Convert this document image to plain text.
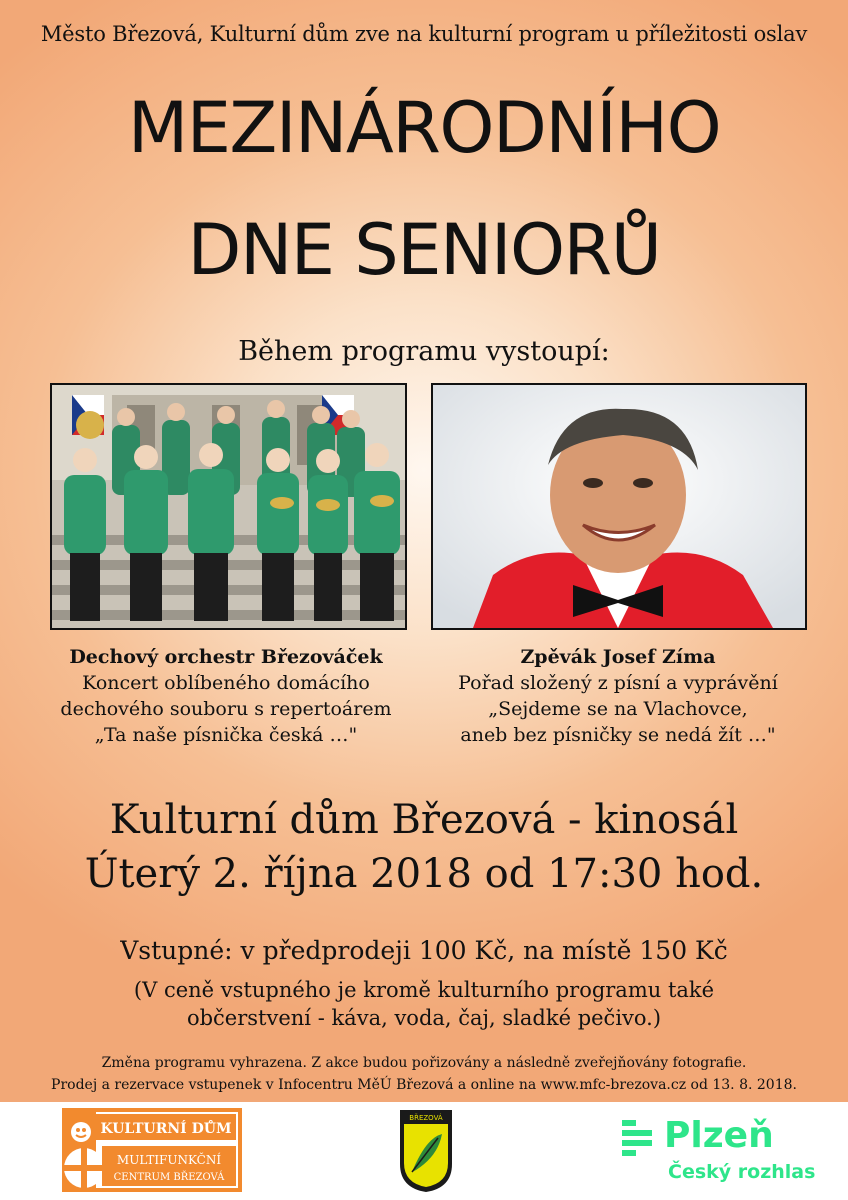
Město Březová, Kulturní dům zve na kulturní program u příležitosti oslav
MEZINÁRODNÍHO
DNE SENIORŮ
Během programu vystoupí:
Dechový orchestr Březováček
Koncert oblíbeného domácího
dechového souboru s repertoárem
„Ta naše písnička česká …"
Zpěvák Josef Zíma
Pořad složený z písní a vyprávění
„Sejdeme se na Vlachovce,
aneb bez písničky se nedá žít …"
Kulturní dům Březová - kinosál
Úterý 2. října 2018 od 17:30 hod.
Vstupné: v předprodeji 100 Kč, na místě 150 Kč
(V ceně vstupného je kromě kulturního programu také
občerstvení - káva, voda, čaj, sladké pečivo.)
Změna programu vyhrazena. Z akce budou pořizovány a následně zveřejňovány fotografie.
Prodej a rezervace vstupenek v Infocentru MěÚ Březová a online na www.mfc-brezova.cz od 13. 8. 2018.
KULTURNÍ DŮM
MULTIFUNKČNÍ
CENTRUM BŘEZOVÁ
BŘEZOVÁ	Plzeň
Český rozhlas
